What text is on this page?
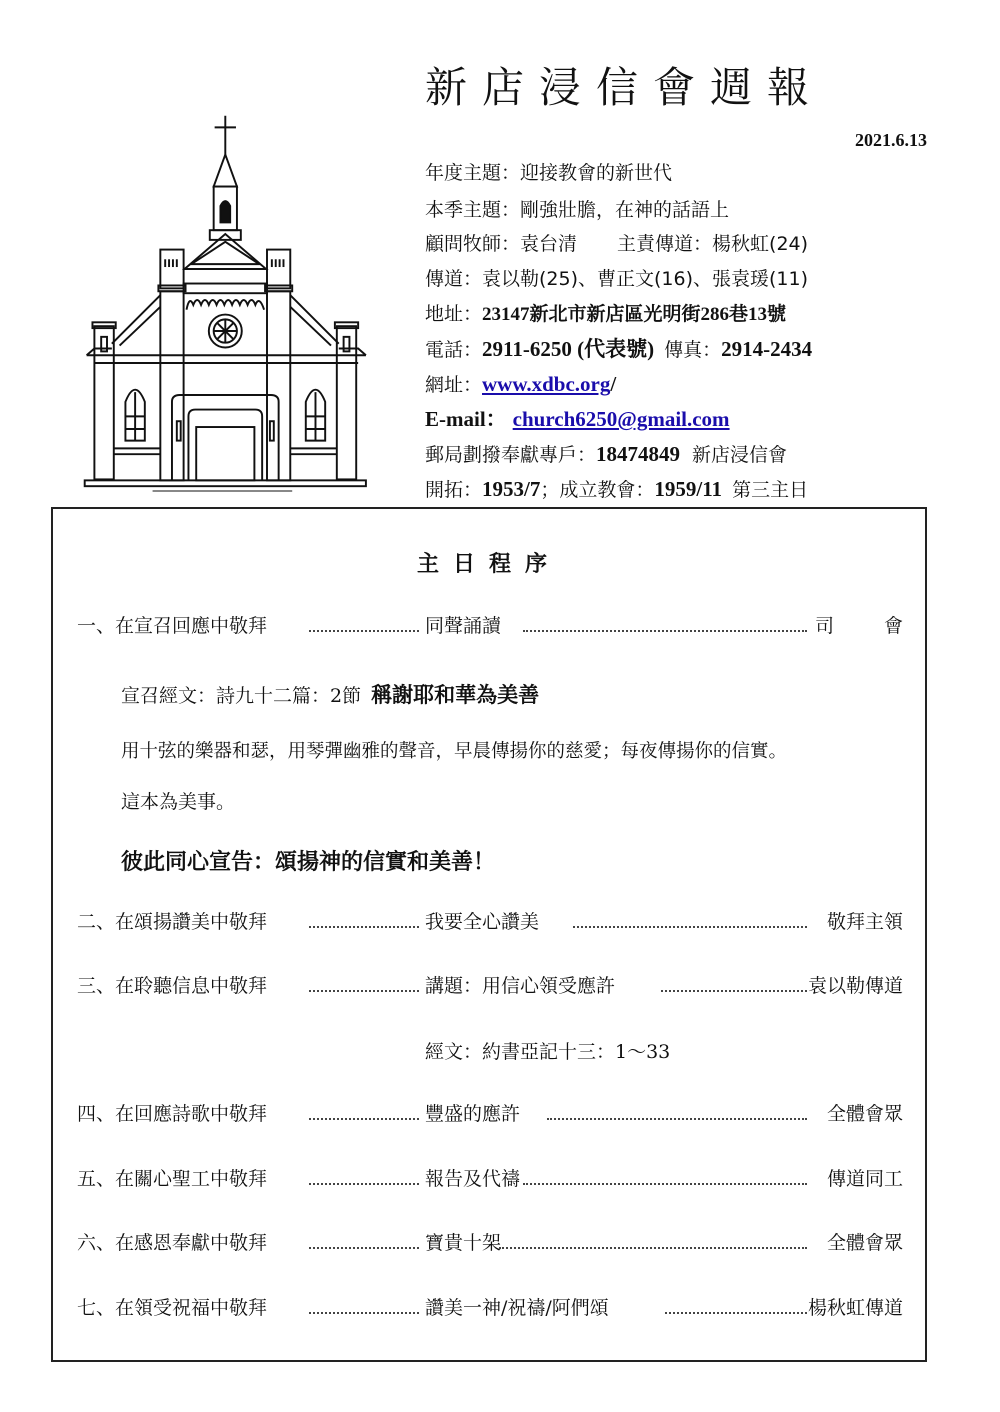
新店浸信會週報
2021.6.13
年度主題：迎接教會的新世代
本季主題：剛強壯膽，在神的話語上
顧問牧師：袁台清 主責傳道：楊秋虹(24)
傳道：袁以勒(25)、曹正文(16)、張袁瑗(11)
地址：23147新北市新店區光明街286巷13號
電話：2911-6250 (代表號) 傳真：2914-2434
網址：www.xdbc.org/
E-mail： church6250@gmail.com
郵局劃撥奉獻專戶：18474849 新店浸信會
開拓：1953/7；成立教會：1959/11 第三主日
主日程序
一、在宣召回應中敬拜	同聲誦讀	司會
宣召經文：詩九十二篇：2節 稱謝耶和華為美善
用十弦的樂器和瑟，用琴彈幽雅的聲音，早晨傳揚你的慈愛；每夜傳揚你的信實。
這本為美事。
彼此同心宣告：頌揚神的信實和美善！
二、在頌揚讚美中敬拜	我要全心讚美	敬拜主領
三、在聆聽信息中敬拜	講題：用信心領受應許	袁以勒傳道
經文：約書亞記十三：1～33
四、在回應詩歌中敬拜	豐盛的應許	全體會眾
五、在關心聖工中敬拜	報告及代禱	傳道同工
六、在感恩奉獻中敬拜	寶貴十架	全體會眾
七、在領受祝福中敬拜	讚美一神/祝禱/阿們頌	楊秋虹傳道
